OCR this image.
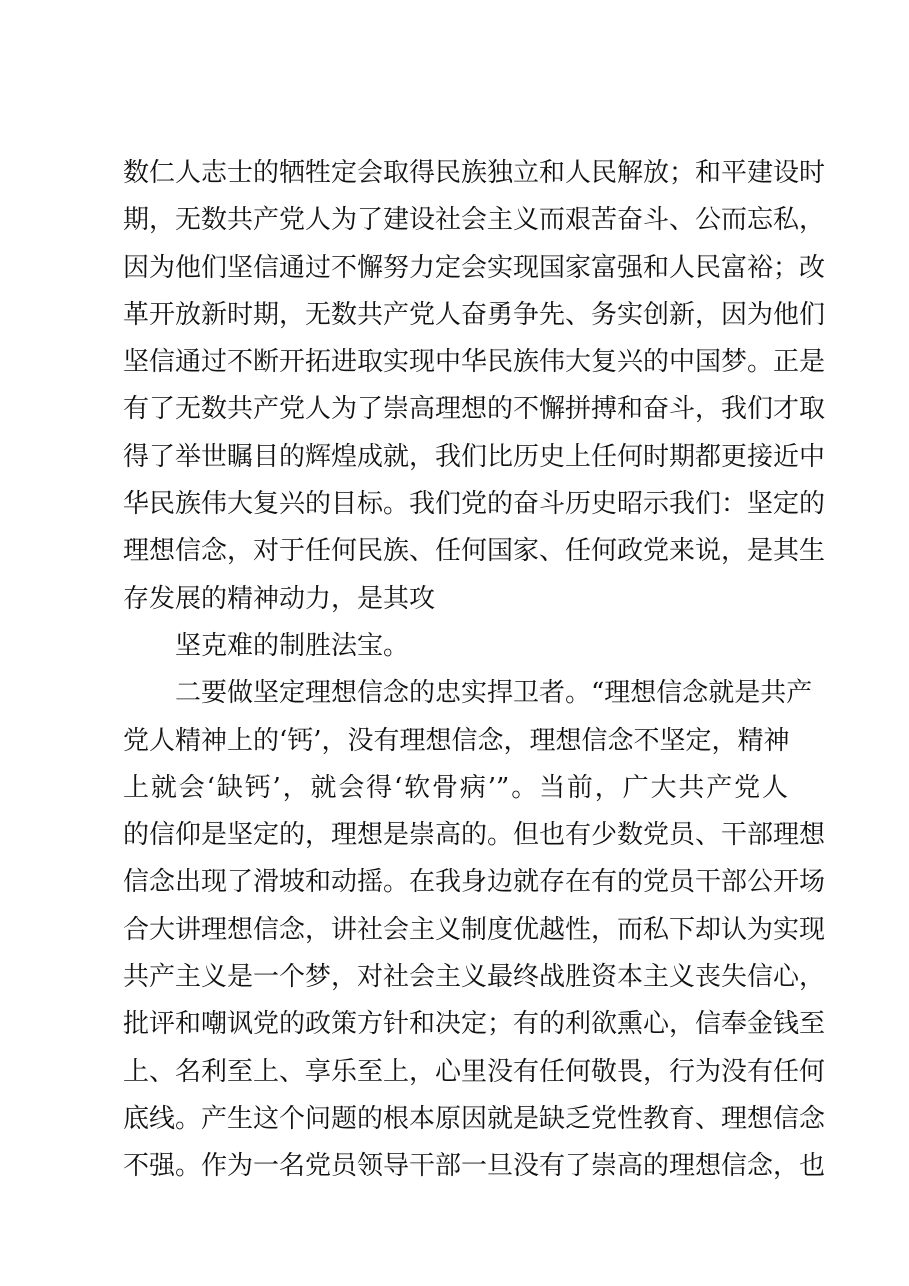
数仁人志士的牺牲定会取得民族独立和人民解放；和平建设时
期，无数共产党人为了建设社会主义而艰苦奋斗、公而忘私，
因为他们坚信通过不懈努力定会实现国家富强和人民富裕；改
革开放新时期，无数共产党人奋勇争先、务实创新，因为他们
坚信通过不断开拓进取实现中华民族伟大复兴的中国梦。正是
有了无数共产党人为了崇高理想的不懈拼搏和奋斗，我们才取
得了举世瞩目的辉煌成就，我们比历史上任何时期都更接近中
华民族伟大复兴的目标。我们党的奋斗历史昭示我们：坚定的
理想信念，对于任何民族、任何国家、任何政党来说，是其生
存发展的精神动力，是其攻
坚克难的制胜法宝。
二要做坚定理想信念的忠实捍卫者。“理想信念就是共产
党人精神上的‘钙’，没有理想信念，理想信念不坚定，精神
上就会‘缺钙’，就会得‘软骨病’”。当前，广大共产党人
的信仰是坚定的，理想是崇高的。但也有少数党员、干部理想
信念出现了滑坡和动摇。在我身边就存在有的党员干部公开场
合大讲理想信念，讲社会主义制度优越性，而私下却认为实现
共产主义是一个梦，对社会主义最终战胜资本主义丧失信心，
批评和嘲讽党的政策方针和决定；有的利欲熏心，信奉金钱至
上、名利至上、享乐至上，心里没有任何敬畏，行为没有任何
底线。产生这个问题的根本原因就是缺乏党性教育、理想信念
不强。作为一名党员领导干部一旦没有了崇高的理想信念，也
